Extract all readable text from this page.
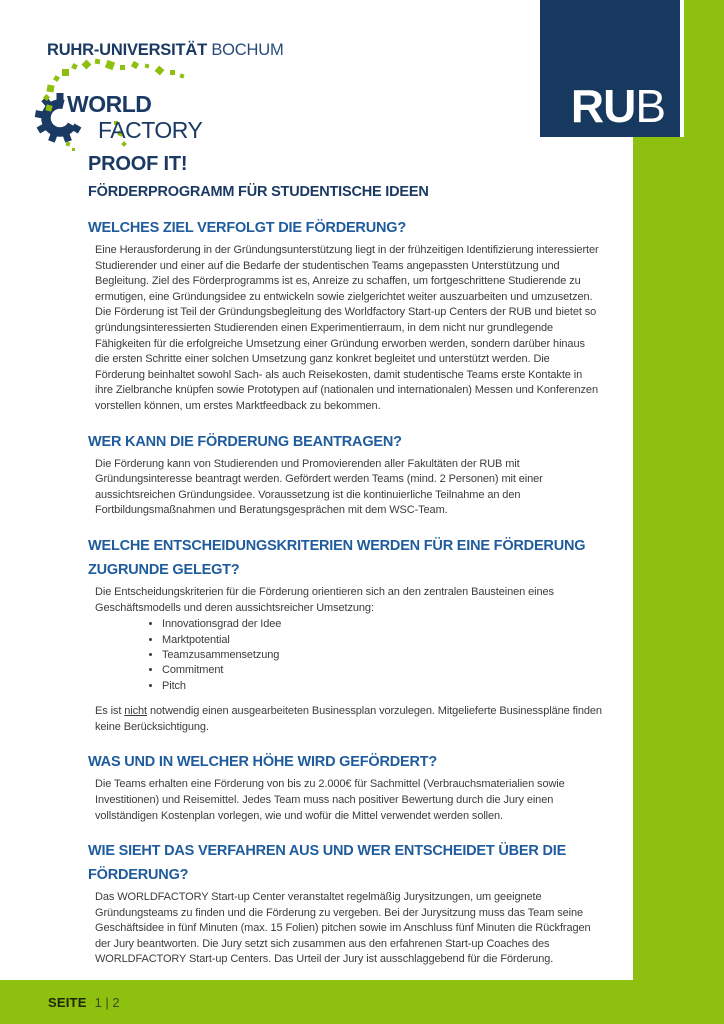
RUHR-UNIVERSITÄT BOCHUM
WORLD
FACTORY	RUB
PROOF IT!
FÖRDERPROGRAMM FÜR STUDENTISCHE IDEEN
WELCHES ZIEL VERFOLGT DIE FÖRDERUNG?

Eine Herausforderung in der Gründungsunterstützung liegt in der frühzeitigen Identifizierung interessierter Studierender und einer auf die Bedarfe der studentischen Teams angepassten Unterstützung und Begleitung. Ziel des Förderprogramms ist es, Anreize zu schaffen, um fortgeschrittene Studierende zu ermutigen, eine Gründungsidee zu entwickeln sowie zielgerichtet weiter auszuarbeiten und umzusetzen. Die Förderung ist Teil der Gründungsbegleitung des Worldfactory Start-up Centers der RUB und bietet so gründungsinteressierten Studierenden einen Experimentierraum, in dem nicht nur grundlegende Fähigkeiten für die erfolgreiche Umsetzung einer Gründung erworben werden, sondern darüber hinaus die ersten Schritte einer solchen Umsetzung ganz konkret begleitet und unterstützt werden. Die Förderung beinhaltet sowohl Sach- als auch Reisekosten, damit studentische Teams erste Kontakte in ihre Zielbranche knüpfen sowie Prototypen auf (nationalen und internationalen) Messen und Konferenzen vorstellen können, um erstes Marktfeedback zu bekommen.

WER KANN DIE FÖRDERUNG BEANTRAGEN?

Die Förderung kann von Studierenden und Promovierenden aller Fakultäten der RUB mit Gründungsinteresse beantragt werden. Gefördert werden Teams (mind. 2 Personen) mit einer aussichtsreichen Gründungsidee. Voraussetzung ist die kontinuierliche Teilnahme an den Fortbildungsmaßnahmen und Beratungsgesprächen mit dem WSC-Team.

WELCHE ENTSCHEIDUNGSKRITERIEN WERDEN FÜR EINE FÖRDERUNG ZUGRUNDE GELEGT?

Die Entscheidungskriterien für die Förderung orientieren sich an den zentralen Bausteinen eines Geschäftsmodells und deren aussichtsreicher Umsetzung:

• Innovationsgrad der Idee
• Marktpotential
• Teamzusammensetzung
• Commitment
• Pitch

Es ist nicht notwendig einen ausgearbeiteten Businessplan vorzulegen. Mitgelieferte Businesspläne finden keine Berücksichtigung.

WAS UND IN WELCHER HÖHE WIRD GEFÖRDERT?

Die Teams erhalten eine Förderung von bis zu 2.000€ für Sachmittel (Verbrauchsmaterialien sowie Investitionen) und Reisemittel. Jedes Team muss nach positiver Bewertung durch die Jury einen vollständigen Kostenplan vorlegen, wie und wofür die Mittel verwendet werden sollen.

WIE SIEHT DAS VERFAHREN AUS UND WER ENTSCHEIDET ÜBER DIE FÖRDERUNG?

Das WORLDFACTORY Start-up Center veranstaltet regelmäßig Jurysitzungen, um geeignete Gründungsteams zu finden und die Förderung zu vergeben. Bei der Jurysitzung muss das Team seine Geschäftsidee in fünf Minuten (max. 15 Folien) pitchen sowie im Anschluss fünf Minuten die Rückfragen der Jury beantworten. Die Jury setzt sich zusammen aus den erfahrenen Start-up Coaches des WORLDFACTORY Start-up Centers. Das Urteil der Jury ist ausschlaggebend für die Förderung.

SEITE 1 | 2
